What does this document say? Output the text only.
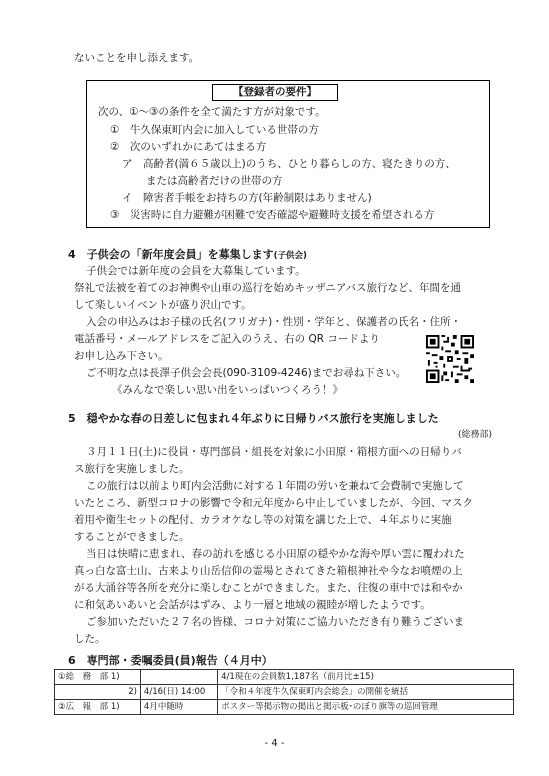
ないことを申し添えます。
【登録者の要件】
次の、①～③の条件を全て満たす方が対象です。
①　牛久保東町内会に加入している世帯の方
②　次のいずれかにあてはまる方
ア　高齢者(満６５歳以上)のうち、ひとり暮らしの方、寝たきりの方、
または高齢者だけの世帯の方
イ　障害者手帳をお持ちの方(年齢制限はありません)
③　災害時に自力避難が困難で安否確認や避難時支援を希望される方
4　子供会の「新年度会員」を募集します(子供会)
子供会では新年度の会員を大募集しています。
祭礼で法被を着てのお神輿や山車の巡行を始めキッザニアバス旅行など、年間を通
して楽しいイベントが盛り沢山です。
入会の申込みはお子様の氏名(フリガナ)・性別・学年と、保護者の氏名・住所・
電話番号・メールアドレスをご記入のうえ、右の QR コードより
お申し込み下さい。
ご不明な点は長澤子供会会長(090-3109-4246)までお尋ね下さい。
《みんなで楽しい思い出をいっぱいつくろう！》
5　穏やかな春の日差しに包まれ４年ぶりに日帰りバス旅行を実施しました
(総務部)
３月１１日(土)に役員・専門部員・組長を対象に小田原・箱根方面への日帰りバ
ス旅行を実施しました。
この旅行は以前より町内会活動に対する１年間の労いを兼ねて会費制で実施して
いたところ、新型コロナの影響で令和元年度から中止していましたが、今回、マスク
着用や衛生セットの配付、カラオケなし等の対策を講じた上で、４年ぶりに実施
することができました。
当日は快晴に恵まれ、春の訪れを感じる小田原の穏やかな海や厚い雲に覆われた
真っ白な富士山、古来より山岳信仰の霊場とされてきた箱根神社や今なお噴煙の上
がる大涌谷等各所を充分に楽しむことができました。また、往復の車中では和やか
に和気あいあいと会話がはずみ、より一層と地域の親睦が増したようです。
ご参加いただいた２７名の皆様、コロナ対策にご協力いただき有り難うございま
した。
6　専門部・委嘱委員(員)報告（４月中）
①総　務　部 1)		4/1現在の会員数1,187名（前月比±15)
2)	4/16(日) 14:00	「令和４年度牛久保東町内会総会」の開催を統括
②広　報　部 1)	4月中随時	ポスター等掲示物の掲出と掲示板･のぼり旗等の巡回管理
- 4 -
